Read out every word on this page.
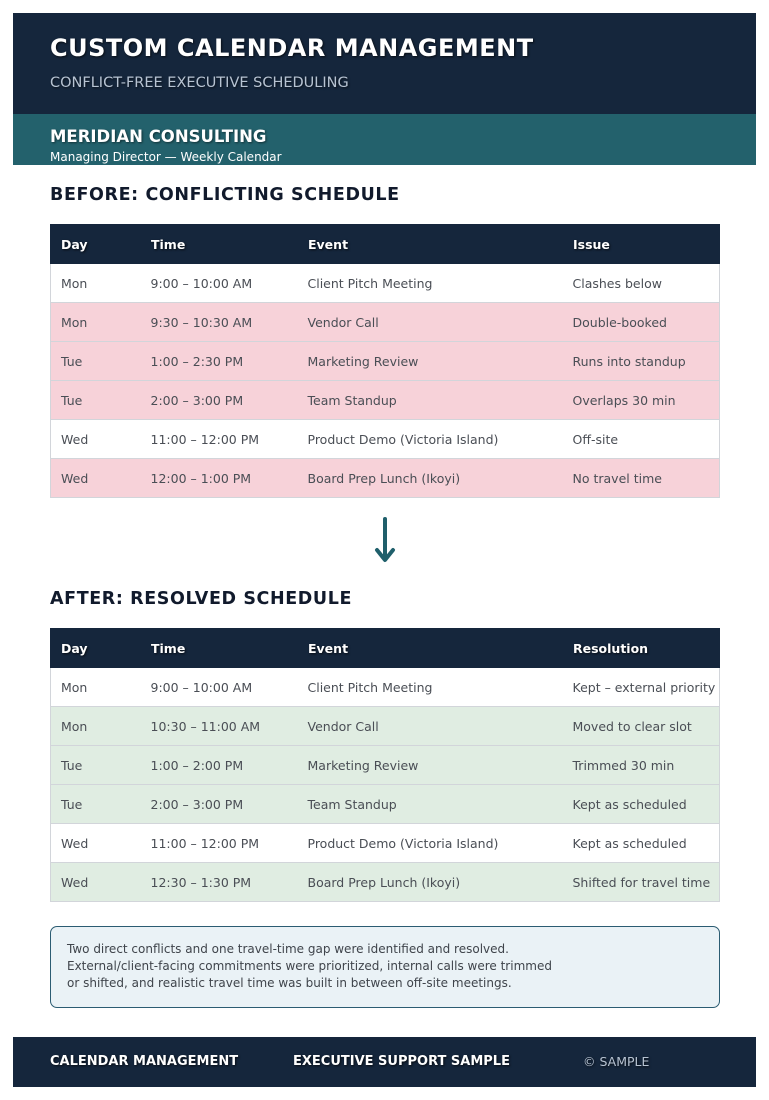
CUSTOM CALENDAR MANAGEMENT

CONFLICT-FREE EXECUTIVE SCHEDULING

MERIDIAN CONSULTING
Managing Director — Weekly Calendar
BEFORE: CONFLICTING SCHEDULE
Day	Time	Event	Issue
Mon	9:00 – 10:00 AM	Client Pitch Meeting	Clashes below
Mon	9:30 – 10:30 AM	Vendor Call	Double-booked
Tue	1:00 – 2:30 PM	Marketing Review	Runs into standup
Tue	2:00 – 3:00 PM	Team Standup	Overlaps 30 min
Wed	11:00 – 12:00 PM	Product Demo (Victoria Island)	Off-site
Wed	12:00 – 1:00 PM	Board Prep Lunch (Ikoyi)	No travel time
AFTER: RESOLVED SCHEDULE
Day	Time	Event	Resolution
Mon	9:00 – 10:00 AM	Client Pitch Meeting	Kept – external priority
Mon	10:30 – 11:00 AM	Vendor Call	Moved to clear slot
Tue	1:00 – 2:00 PM	Marketing Review	Trimmed 30 min
Tue	2:00 – 3:00 PM	Team Standup	Kept as scheduled
Wed	11:00 – 12:00 PM	Product Demo (Victoria Island)	Kept as scheduled
Wed	12:30 – 1:30 PM	Board Prep Lunch (Ikoyi)	Shifted for travel time
Two direct conflicts and one travel-time gap were identified and resolved.
External/client-facing commitments were prioritized, internal calls were trimmed
or shifted, and realistic travel time was built in between off-site meetings.
CALENDAR MANAGEMENT	EXECUTIVE SUPPORT SAMPLE	© SAMPLE
